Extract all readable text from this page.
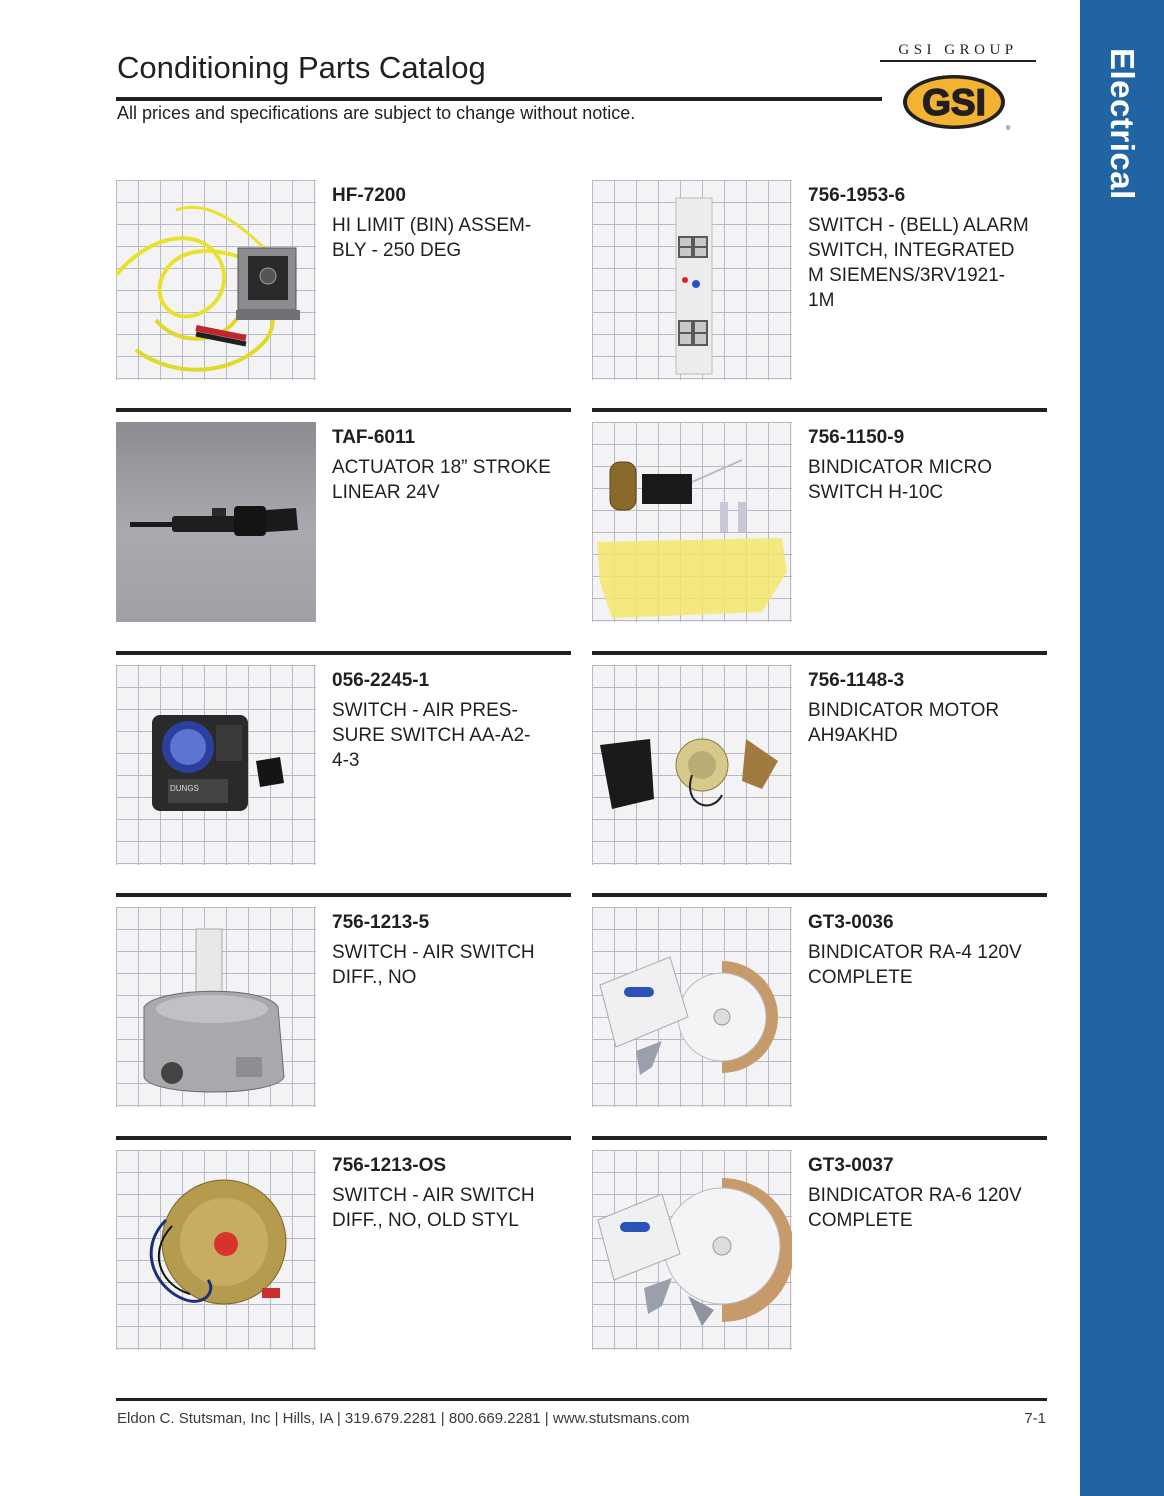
Electrical
Conditioning Parts Catalog
All prices and specifications are subject to change without notice.
GSI GROUP
GSI
®
HF-7200
HI LIMIT (BIN) ASSEM-
BLY - 250 DEG
756-1953-6
SWITCH - (BELL) ALARM
SWITCH, INTEGRATED
M SIEMENS/3RV1921-
1M
TAF-6011
ACTUATOR 18” STROKE
LINEAR 24V
756-1150-9
BINDICATOR MICRO
SWITCH H-10C
DUNGS
056-2245-1
SWITCH - AIR PRES-
SURE SWITCH AA-A2-
4-3
756-1148-3
BINDICATOR MOTOR
AH9AKHD
756-1213-5
SWITCH - AIR SWITCH
DIFF., NO
GT3-0036
BINDICATOR RA-4 120V
COMPLETE
756-1213-OS
SWITCH - AIR SWITCH
DIFF., NO, OLD STYL
GT3-0037
BINDICATOR RA-6 120V
COMPLETE
Eldon C. Stutsman, Inc | Hills, IA | 319.679.2281 | 800.669.2281 | www.stutsmans.com	7-1
